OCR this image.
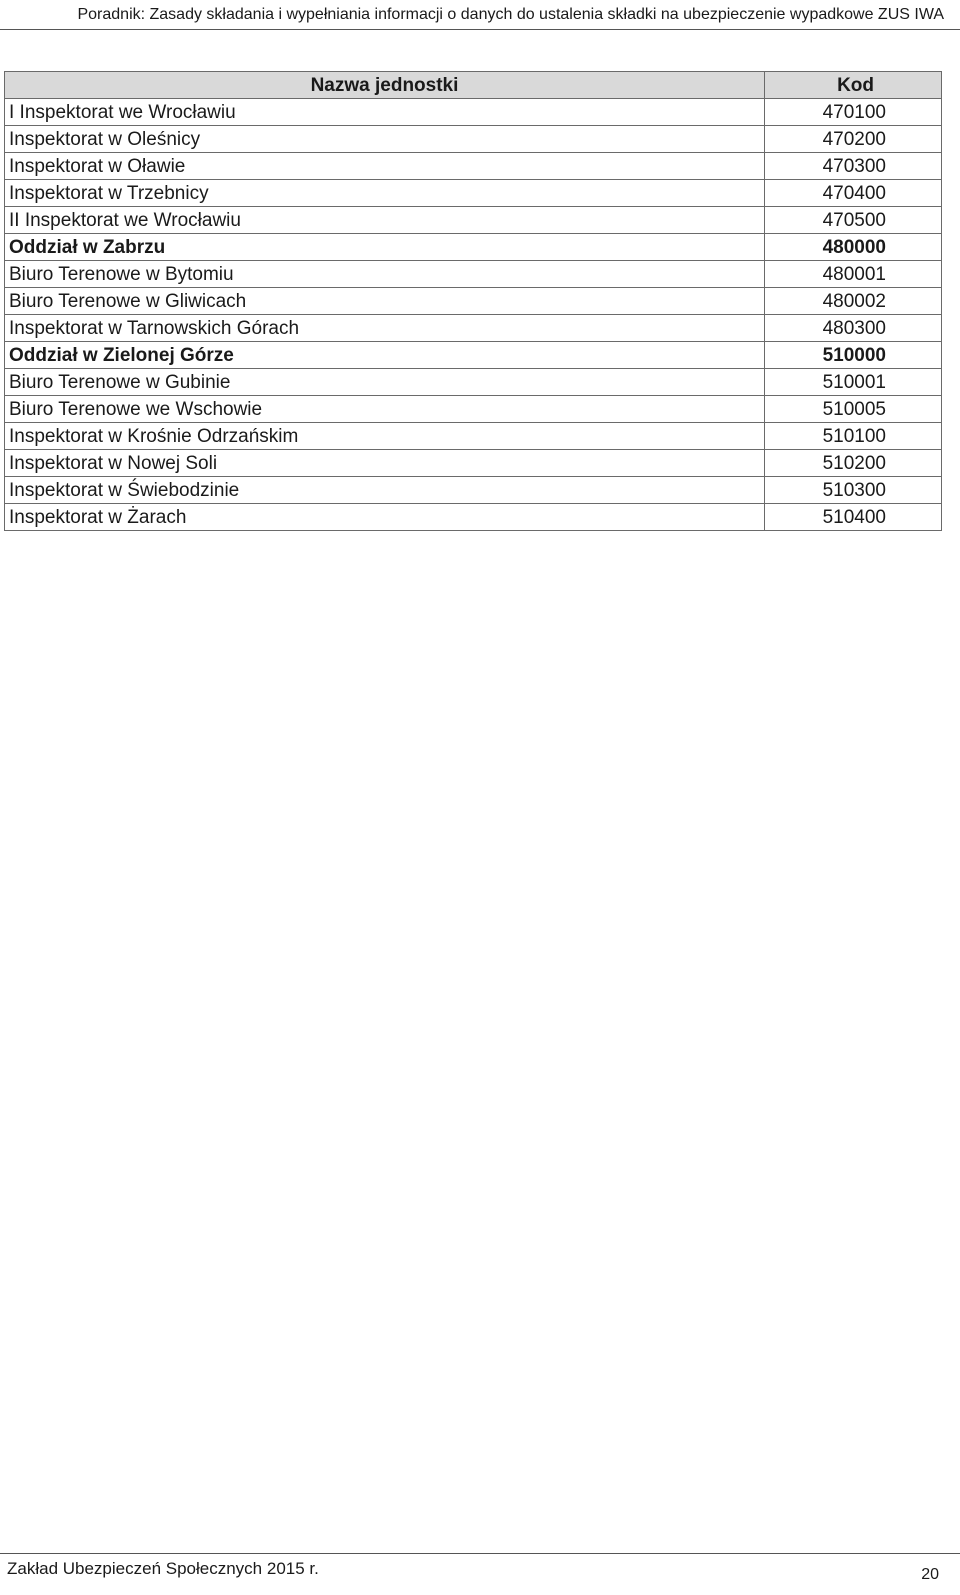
Poradnik: Zasady składania i wypełniania informacji o danych do ustalenia składki na ubezpieczenie wypadkowe ZUS IWA
Nazwa jednostki	Kod
I Inspektorat we Wrocławiu	470100
Inspektorat w Oleśnicy	470200
Inspektorat w Oławie	470300
Inspektorat w Trzebnicy	470400
II Inspektorat we Wrocławiu	470500
Oddział w Zabrzu	480000
Biuro Terenowe w Bytomiu	480001
Biuro Terenowe w Gliwicach	480002
Inspektorat w Tarnowskich Górach	480300
Oddział w Zielonej Górze	510000
Biuro Terenowe w Gubinie	510001
Biuro Terenowe we Wschowie	510005
Inspektorat w Krośnie Odrzańskim	510100
Inspektorat w Nowej Soli	510200
Inspektorat w Świebodzinie	510300
Inspektorat w Żarach	510400
Zakład Ubezpieczeń Społecznych 2015 r.	20
